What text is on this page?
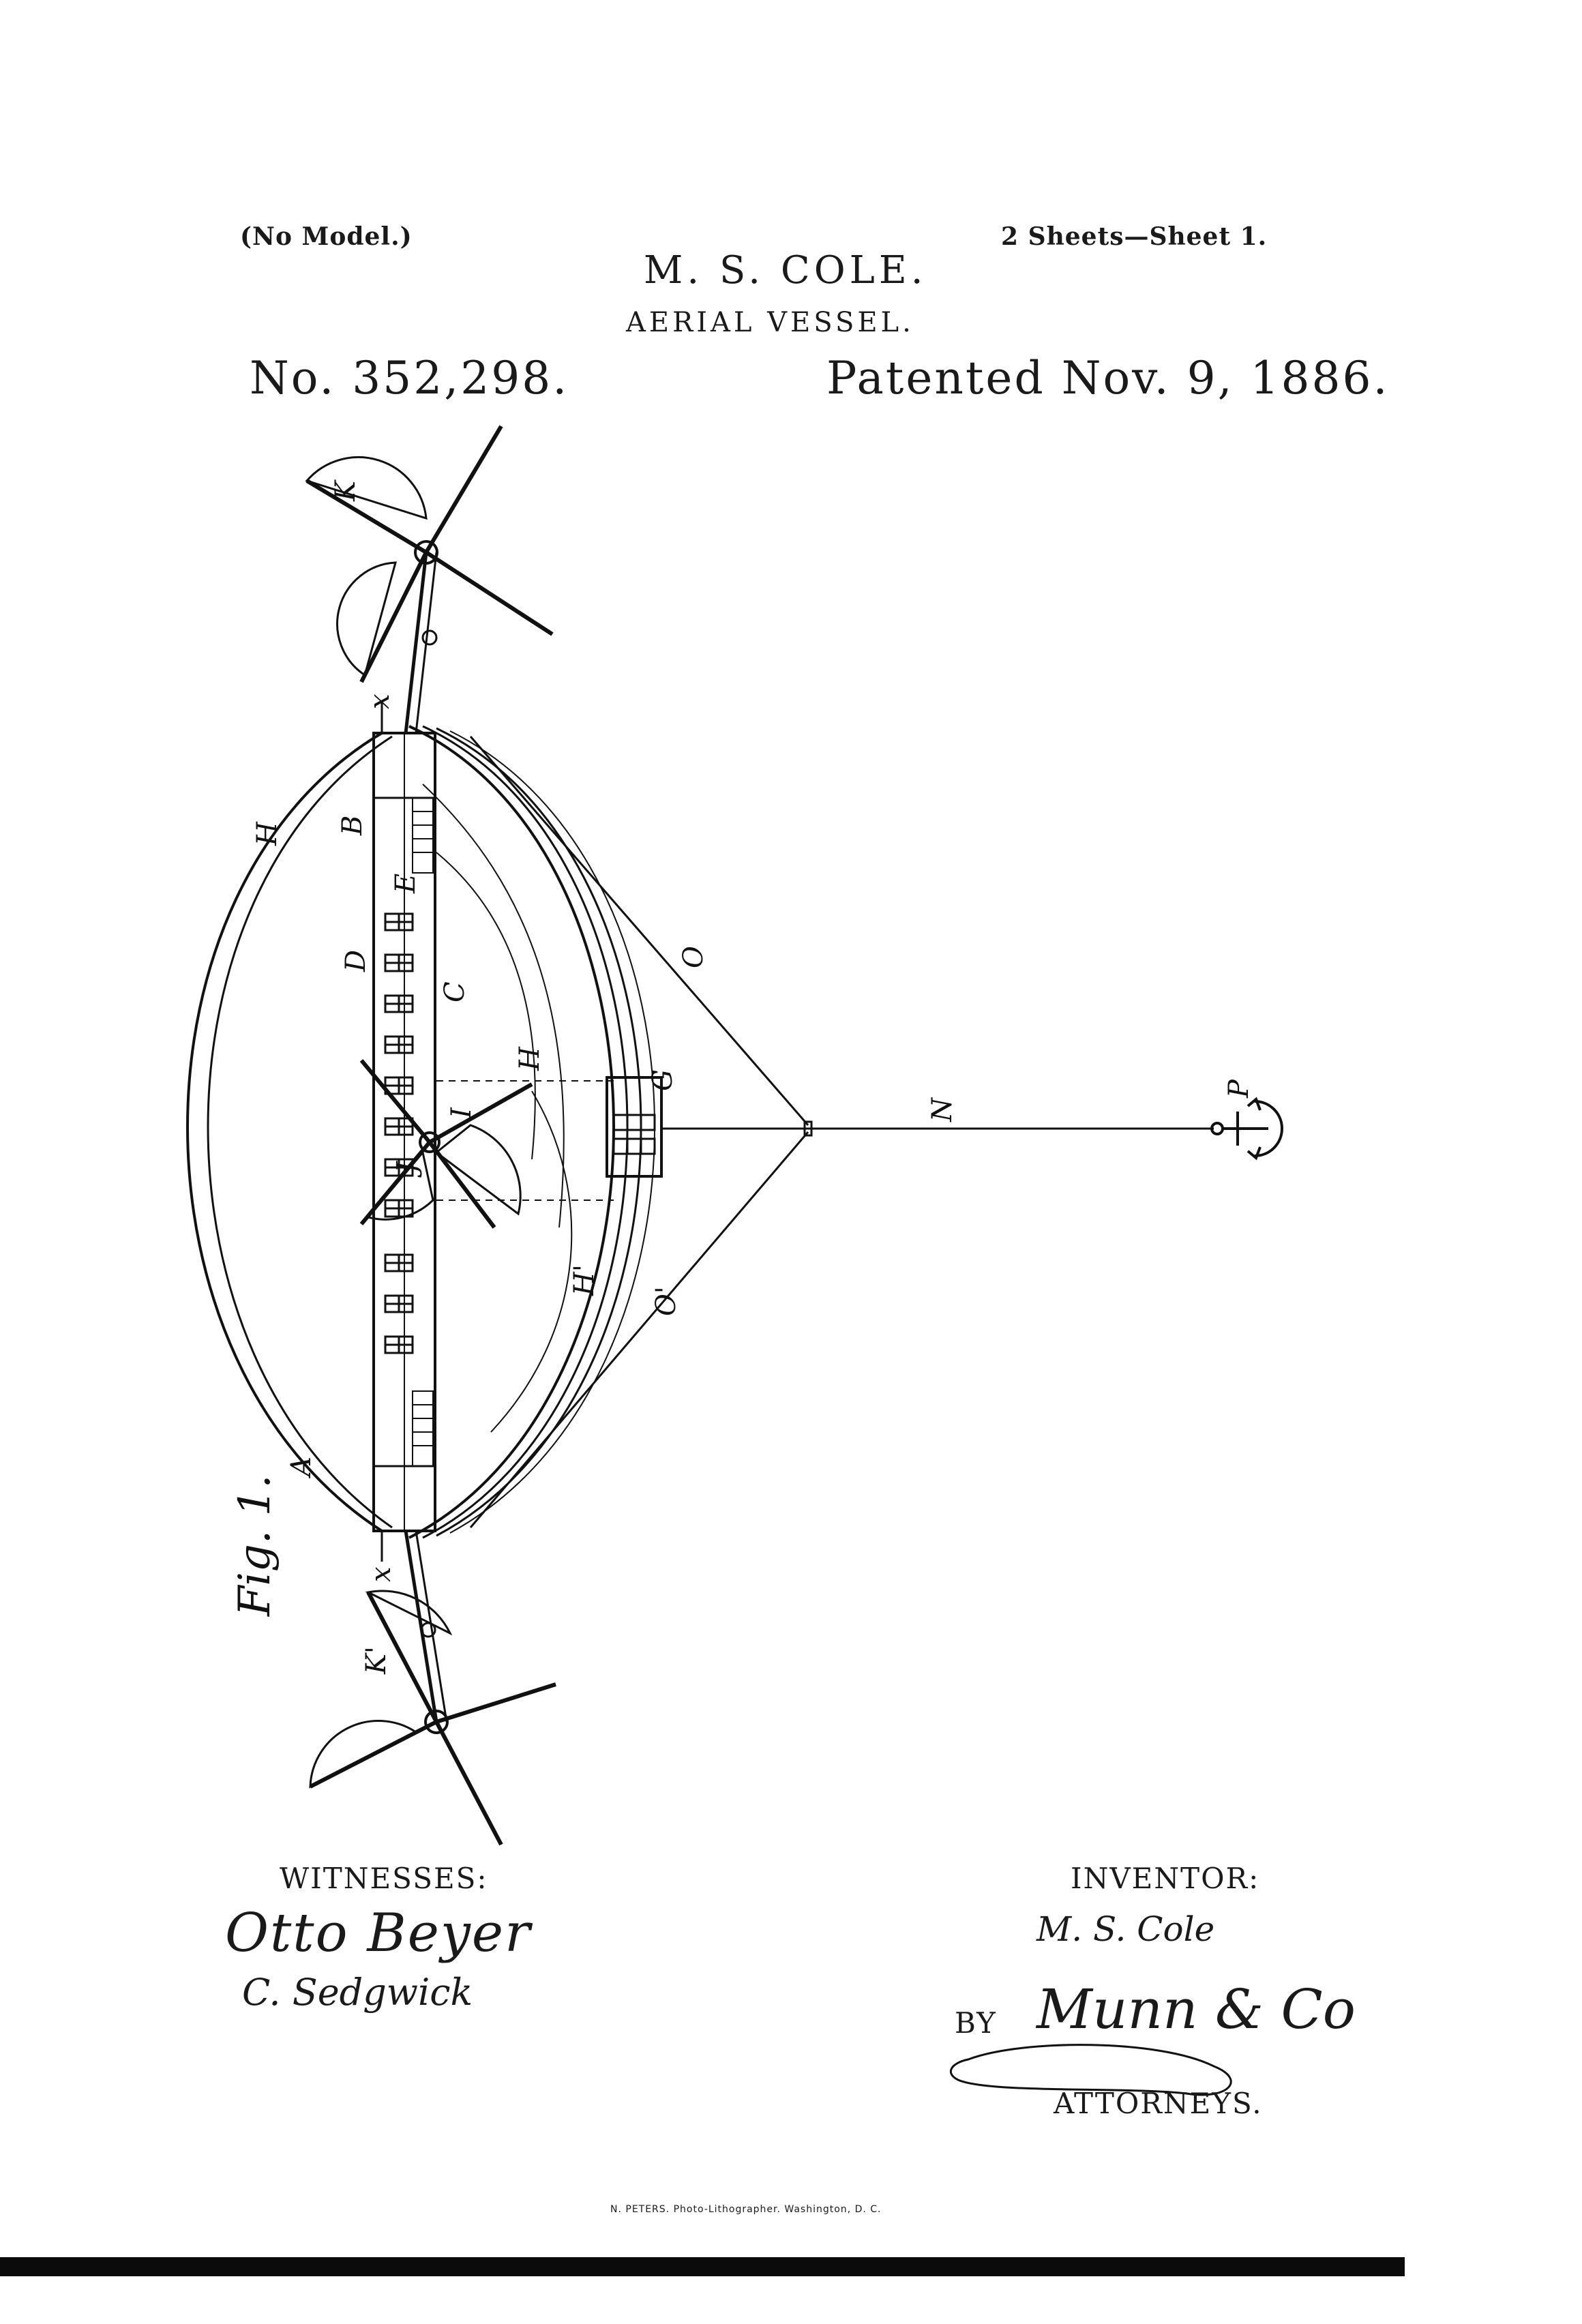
(No Model.)
M. S. COLE.
2 Sheets—Sheet 1.
AERIAL VESSEL.
No. 352,298.	Patented Nov. 9, 1886.
K
x
H B
E
D
C
H
G
O
I	N
P
J
H'
O'
A
x
K'
Fig. 1.
WITNESSES:
Otto Beyer
C. Sedgwick
INVENTOR:
M. S. Cole
BY Munn & Co
ATTORNEYS.
N. PETERS. Photo-Lithographer. Washington, D. C.
